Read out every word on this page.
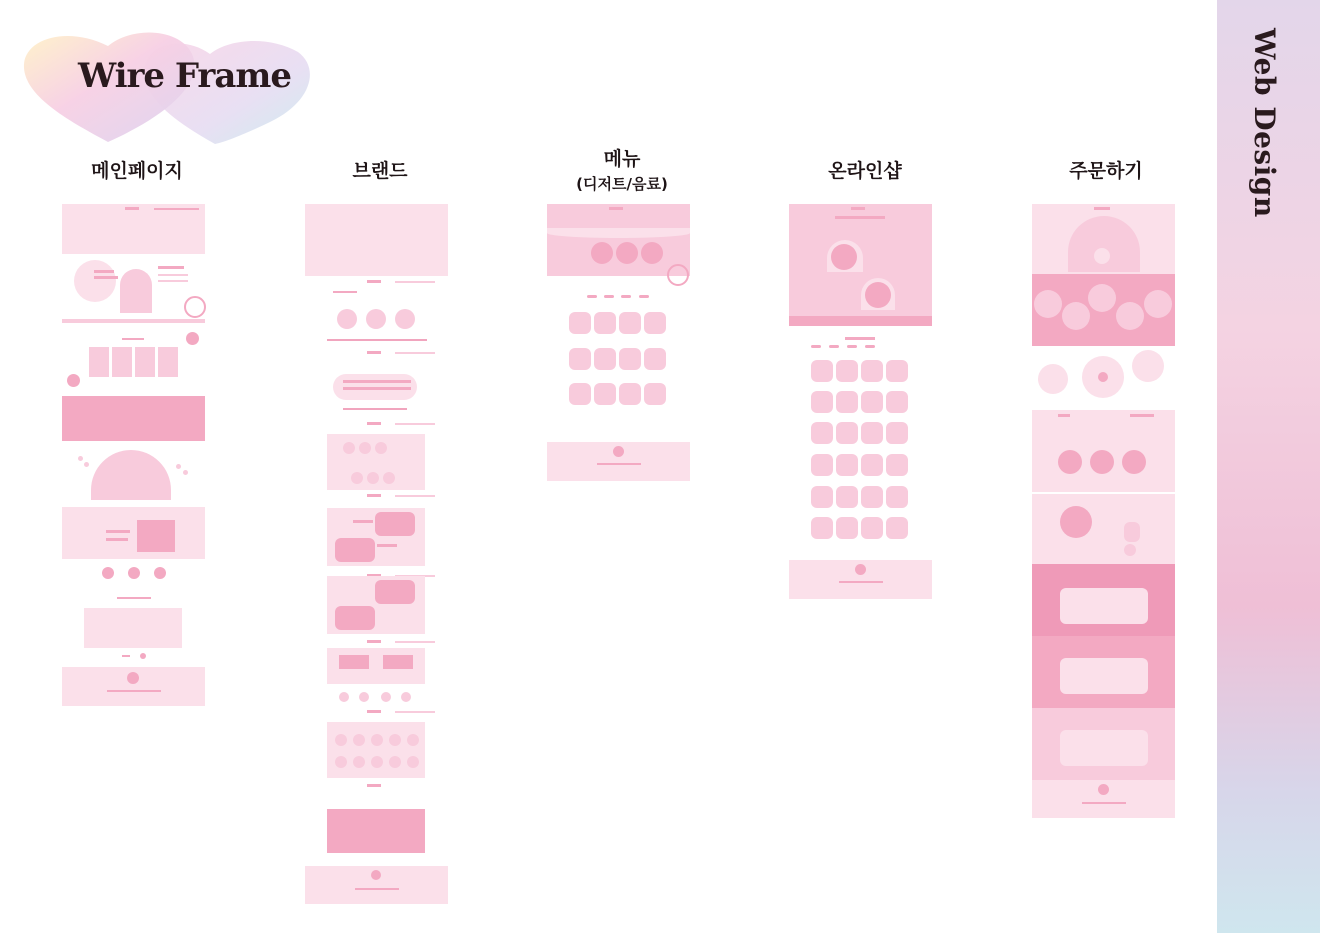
Web Design
Wire Frame
메인페이지	브랜드
메뉴
(디저트/음료)
온라인샵	주문하기
